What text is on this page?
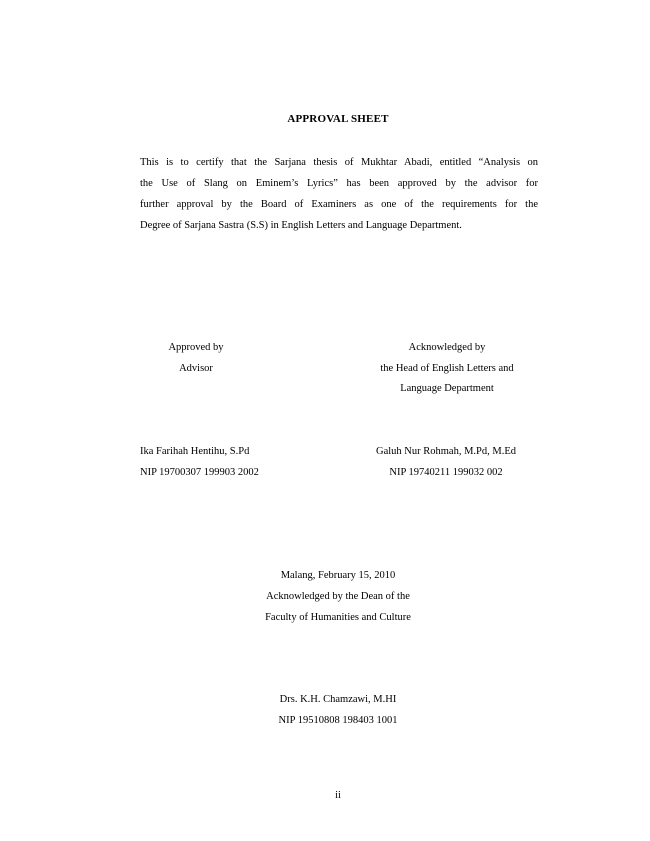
APPROVAL SHEET
This is to certify that the Sarjana thesis of Mukhtar Abadi, entitled “Analysis on
the Use of Slang on Eminem’s Lyrics” has been approved by the advisor for
further approval by the Board of Examiners as one of the requirements for the
Degree of Sarjana Sastra (S.S) in English Letters and Language Department.
Approved by
Advisor
Acknowledged by
the Head of English Letters and
Language Department
Ika Farihah Hentihu, S.Pd
NIP 19700307 199903 2002
Galuh Nur Rohmah, M.Pd, M.Ed
NIP 19740211 199032 002
Malang, February 15, 2010
Acknowledged by the Dean of the
Faculty of Humanities and Culture
Drs. K.H. Chamzawi, M.HI
NIP 19510808 198403 1001
ii
